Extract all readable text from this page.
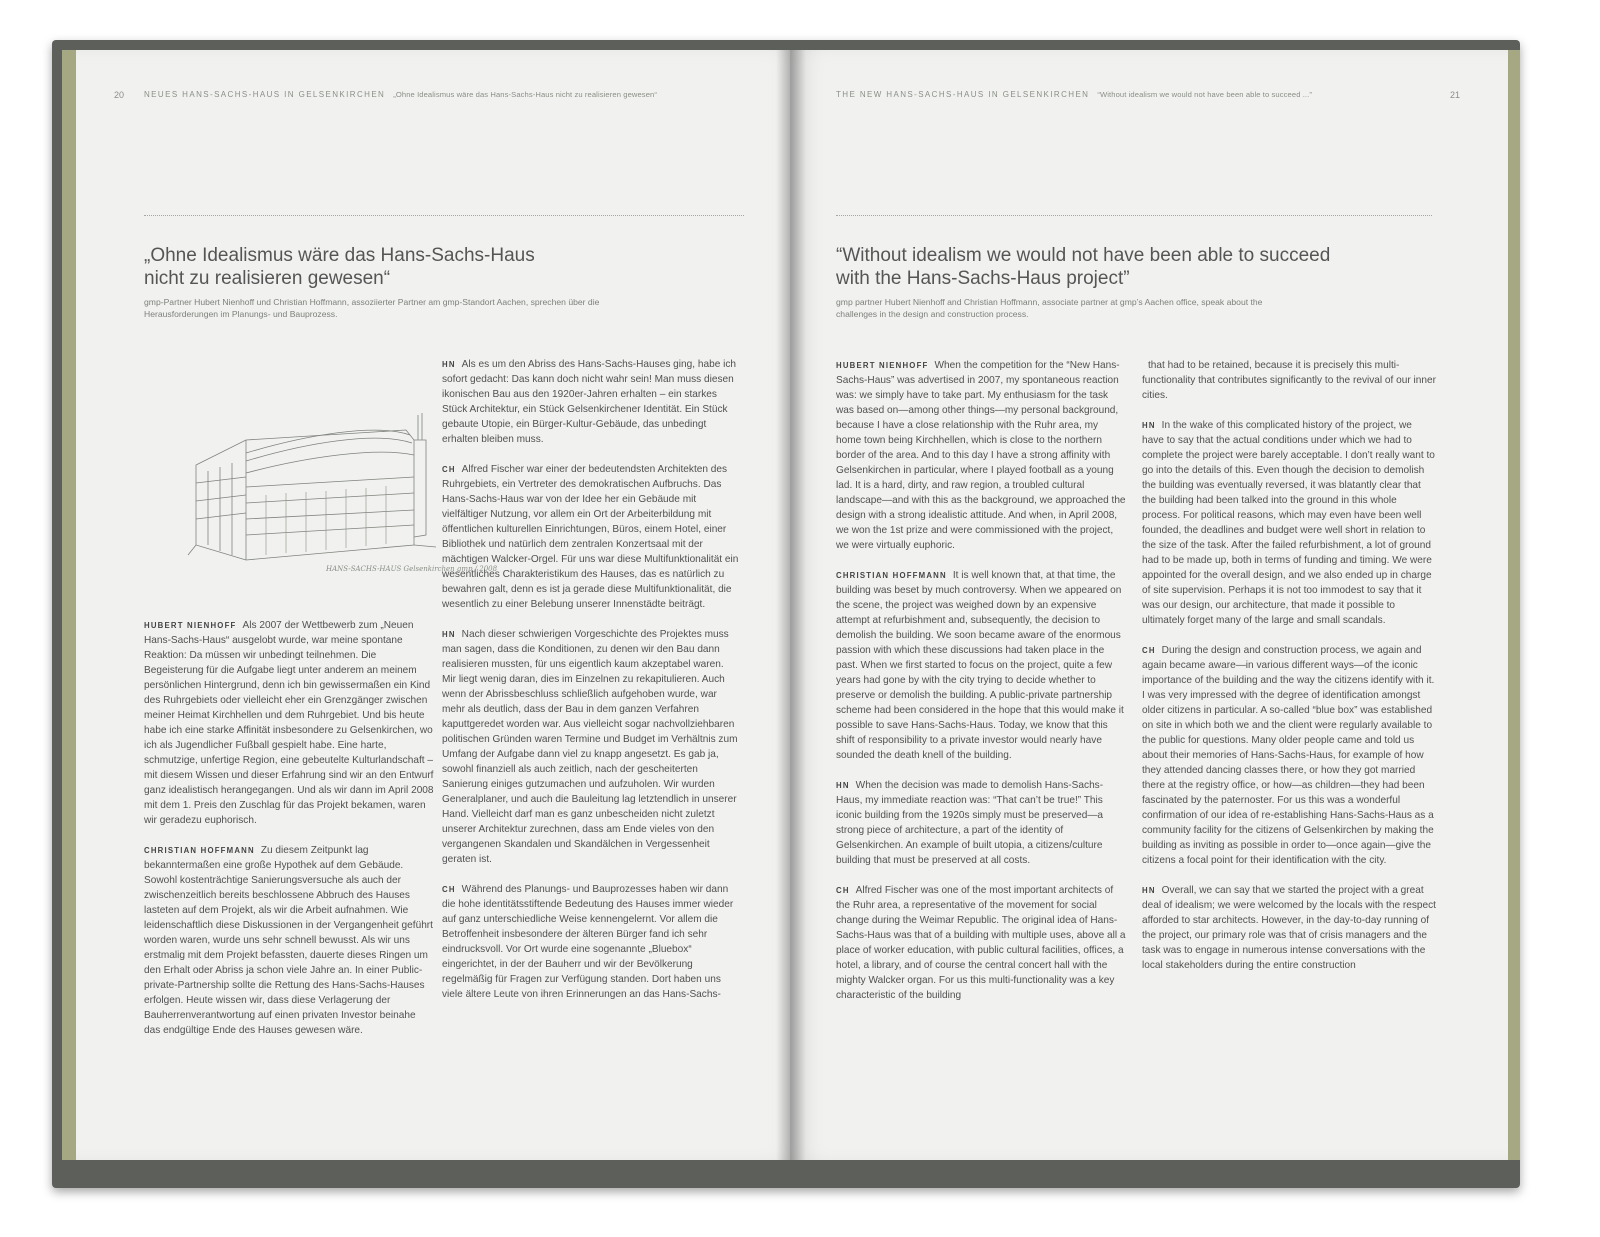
20 NEUES HANS-SACHS-HAUS IN GELSENKIRCHEN „Ohne Idealismus wäre das Hans-Sachs-Haus nicht zu realisieren gewesen“
„Ohne Idealismus wäre das Hans-Sachs-Haus nicht zu realisieren gewesen“
gmp-Partner Hubert Nienhoff und Christian Hoffmann, assoziierter Partner am gmp-Standort Aachen, sprechen über die Herausforderungen im Planungs- und Bauprozess.
HANS-SACHS-HAUS Gelsenkirchen gmp / 2008

HUBERT NIENHOFF Als 2007 der Wettbewerb zum „Neuen Hans-Sachs-Haus“ ausgelobt wurde, war meine spontane Reaktion: Da müssen wir unbedingt teilnehmen. Die Begeisterung für die Aufgabe liegt unter anderem an meinem persönlichen Hintergrund, denn ich bin gewissermaßen ein Kind des Ruhrgebiets oder vielleicht eher ein Grenzgänger zwischen meiner Heimat Kirchhellen und dem Ruhrgebiet. Und bis heute habe ich eine starke Affinität insbesondere zu Gelsenkirchen, wo ich als Jugendlicher Fußball gespielt habe. Eine harte, schmutzige, unfertige Region, eine gebeutelte Kulturlandschaft – mit diesem Wissen und dieser Erfahrung sind wir an den Entwurf ganz idealistisch herangegangen. Und als wir dann im April 2008 mit dem 1. Preis den Zuschlag für das Projekt bekamen, waren wir geradezu euphorisch.

CHRISTIAN HOFFMANN Zu diesem Zeitpunkt lag bekanntermaßen eine große Hypothek auf dem Gebäude. Sowohl kostenträchtige Sanierungsversuche als auch der zwischenzeitlich bereits beschlossene Abbruch des Hauses lasteten auf dem Projekt, als wir die Arbeit aufnahmen. Wie leidenschaftlich diese Diskussionen in der Vergangenheit geführt worden waren, wurde uns sehr schnell bewusst. Als wir uns erstmalig mit dem Projekt befassten, dauerte dieses Ringen um den Erhalt oder Abriss ja schon viele Jahre an. In einer Public-private-Partnership sollte die Rettung des Hans-Sachs-Hauses erfolgen. Heute wissen wir, dass diese Verlagerung der Bauherrenverantwortung auf einen privaten Investor beinahe das endgültige Ende des Hauses gewesen wäre.

HN Als es um den Abriss des Hans-Sachs-Hauses ging, habe ich sofort gedacht: Das kann doch nicht wahr sein! Man muss diesen ikonischen Bau aus den 1920er-Jahren erhalten – ein starkes Stück Architektur, ein Stück Gelsenkirchener Identität. Ein Stück gebaute Utopie, ein Bürger-Kultur-Gebäude, das unbedingt erhalten bleiben muss.

CH Alfred Fischer war einer der bedeutendsten Architekten des Ruhrgebiets, ein Vertreter des demokratischen Aufbruchs. Das Hans-Sachs-Haus war von der Idee her ein Gebäude mit vielfältiger Nutzung, vor allem ein Ort der Arbeiterbildung mit öffentlichen kulturellen Einrichtungen, Büros, einem Hotel, einer Bibliothek und natürlich dem zentralen Konzertsaal mit der mächtigen Walcker-Orgel. Für uns war diese Multifunktionalität ein wesentliches Charakteristikum des Hauses, das es natürlich zu bewahren galt, denn es ist ja gerade diese Multifunktionalität, die wesentlich zu einer Belebung unserer Innenstädte beiträgt.

HN Nach dieser schwierigen Vorgeschichte des Projektes muss man sagen, dass die Konditionen, zu denen wir den Bau dann realisieren mussten, für uns eigentlich kaum akzeptabel waren. Mir liegt wenig daran, dies im Einzelnen zu rekapitulieren. Auch wenn der Abrissbeschluss schließlich aufgehoben wurde, war mehr als deutlich, dass der Bau in dem ganzen Verfahren kaputtgeredet worden war. Aus vielleicht sogar nachvollziehbaren politischen Gründen waren Termine und Budget im Verhältnis zum Umfang der Aufgabe dann viel zu knapp angesetzt. Es gab ja, sowohl finanziell als auch zeitlich, nach der gescheiterten Sanierung einiges gutzumachen und aufzuholen. Wir wurden Generalplaner, und auch die Bauleitung lag letztendlich in unserer Hand. Vielleicht darf man es ganz unbescheiden nicht zuletzt unserer Architektur zurechnen, dass am Ende vieles von den vergangenen Skandalen und Skandälchen in Vergessenheit geraten ist.

CH Während des Planungs- und Bauprozesses haben wir dann die hohe identitätsstiftende Bedeutung des Hauses immer wieder auf ganz unterschiedliche Weise kennengelernt. Vor allem die Betroffenheit insbesondere der älteren Bürger fand ich sehr eindrucksvoll. Vor Ort wurde eine sogenannte „Bluebox“ eingerichtet, in der der Bauherr und wir der Bevölkerung regelmäßig für Fragen zur Verfügung standen. Dort haben uns viele ältere Leute von ihren Erinnerungen an das Hans-Sachs-

THE NEW HANS-SACHS-HAUS IN GELSENKIRCHEN “Without idealism we would not have been able to succeed ...”	21
“Without idealism we would not have been able to succeed with the Hans-Sachs-Haus project”
gmp partner Hubert Nienhoff and Christian Hoffmann, associate partner at gmp’s Aachen office, speak about the challenges in the design and construction process.

HUBERT NIENHOFF When the competition for the “New Hans-Sachs-Haus” was advertised in 2007, my spontaneous reaction was: we simply have to take part. My enthusiasm for the task was based on—among other things—my personal background, because I have a close relationship with the Ruhr area, my home town being Kirchhellen, which is close to the northern border of the area. And to this day I have a strong affinity with Gelsenkirchen in particular, where I played football as a young lad. It is a hard, dirty, and raw region, a troubled cultural landscape—and with this as the background, we approached the design with a strong idealistic attitude. And when, in April 2008, we won the 1st prize and were commissioned with the project, we were virtually euphoric.

CHRISTIAN HOFFMANN It is well known that, at that time, the building was beset by much controversy. When we appeared on the scene, the project was weighed down by an expensive attempt at refurbishment and, subsequently, the decision to demolish the building. We soon became aware of the enormous passion with which these discussions had taken place in the past. When we first started to focus on the project, quite a few years had gone by with the city trying to decide whether to preserve or demolish the building. A public-private partnership scheme had been considered in the hope that this would make it possible to save Hans-Sachs-Haus. Today, we know that this shift of responsibility to a private investor would nearly have sounded the death knell of the building.

HN When the decision was made to demolish Hans-Sachs-Haus, my immediate reaction was: “That can’t be true!” This iconic building from the 1920s simply must be preserved—a strong piece of architecture, a part of the identity of Gelsenkirchen. An example of built utopia, a citizens/culture building that must be preserved at all costs.

CH Alfred Fischer was one of the most important architects of the Ruhr area, a representative of the movement for social change during the Weimar Republic. The original idea of Hans-Sachs-Haus was that of a building with multiple uses, above all a place of worker education, with public cultural facilities, offices, a hotel, a library, and of course the central concert hall with the mighty Walcker organ. For us this multi-functionality was a key characteristic of the building

that had to be retained, because it is precisely this multi-functionality that contributes significantly to the revival of our inner cities.

HN In the wake of this complicated history of the project, we have to say that the actual conditions under which we had to complete the project were barely acceptable. I don’t really want to go into the details of this. Even though the decision to demolish the building was eventually reversed, it was blatantly clear that the building had been talked into the ground in this whole process. For political reasons, which may even have been well founded, the deadlines and budget were well short in relation to the size of the task. After the failed refurbishment, a lot of ground had to be made up, both in terms of funding and timing. We were appointed for the overall design, and we also ended up in charge of site supervision. Perhaps it is not too immodest to say that it was our design, our architecture, that made it possible to ultimately forget many of the large and small scandals.

CH During the design and construction process, we again and again became aware—in various different ways—of the iconic importance of the building and the way the citizens identify with it. I was very impressed with the degree of identification amongst older citizens in particular. A so-called “blue box” was established on site in which both we and the client were regularly available to the public for questions. Many older people came and told us about their memories of Hans-Sachs-Haus, for example of how they attended dancing classes there, or how they got married there at the registry office, or how—as children—they had been fascinated by the paternoster. For us this was a wonderful confirmation of our idea of re-establishing Hans-Sachs-Haus as a community facility for the citizens of Gelsenkirchen by making the building as inviting as possible in order to—once again—give the citizens a focal point for their identification with the city.

HN Overall, we can say that we started the project with a great deal of idealism; we were welcomed by the locals with the respect afforded to star architects. However, in the day-to-day running of the project, our primary role was that of crisis managers and the task was to engage in numerous intense conversations with the local stakeholders during the entire construction
